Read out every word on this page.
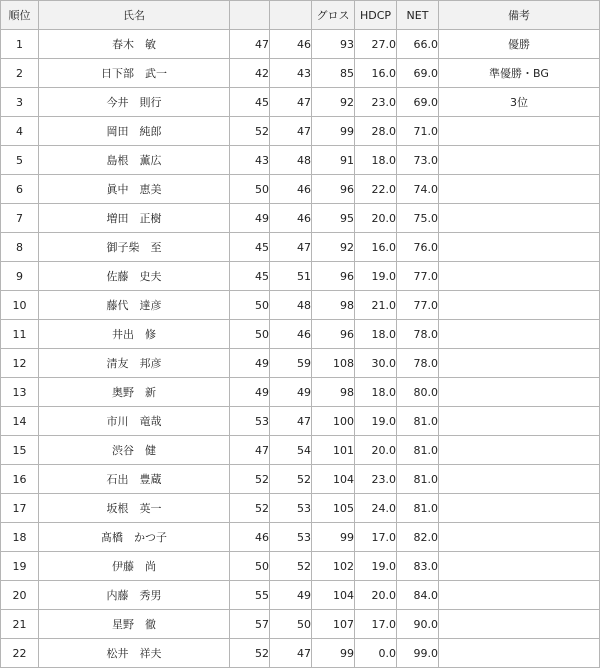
順位	氏名			グロス	HDCP	NET	備考
1	春木　敏	47	46	93	27.0	66.0	優勝
2	日下部　武一	42	43	85	16.0	69.0	準優勝・BG
3	今井　則行	45	47	92	23.0	69.0	3位
4	岡田　純郎	52	47	99	28.0	71.0	
5	島根　薫広	43	48	91	18.0	73.0	
6	眞中　恵美	50	46	96	22.0	74.0	
7	増田　正樹	49	46	95	20.0	75.0	
8	御子柴　至	45	47	92	16.0	76.0	
9	佐藤　史夫	45	51	96	19.0	77.0	
10	藤代　達彦	50	48	98	21.0	77.0	
11	井出　修	50	46	96	18.0	78.0	
12	清友　邦彦	49	59	108	30.0	78.0	
13	奥野　新	49	49	98	18.0	80.0	
14	市川　竜哉	53	47	100	19.0	81.0	
15	渋谷　健	47	54	101	20.0	81.0	
16	石出　豊蔵	52	52	104	23.0	81.0	
17	坂根　英一	52	53	105	24.0	81.0	
18	髙橋　かつ子	46	53	99	17.0	82.0	
19	伊藤　尚	50	52	102	19.0	83.0	
20	内藤　秀男	55	49	104	20.0	84.0	
21	星野　徹	57	50	107	17.0	90.0	
22	松井　祥夫	52	47	99	0.0	99.0	
